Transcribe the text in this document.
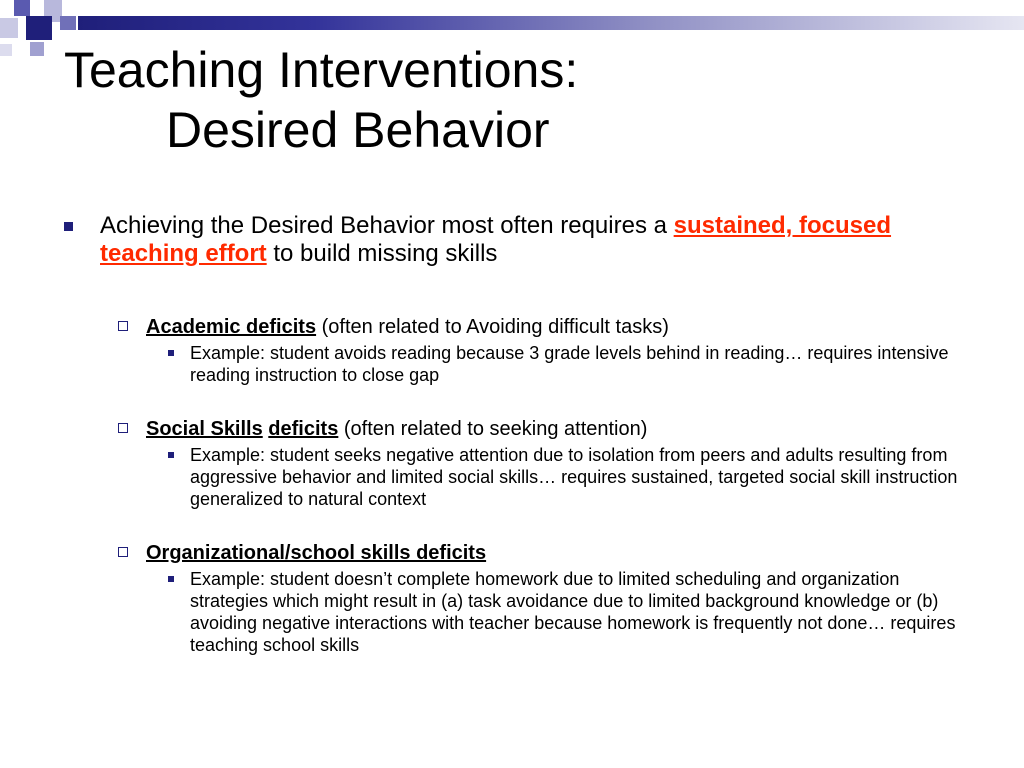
Teaching Interventions:
Desired Behavior
Achieving the Desired Behavior most often requires a sustained, focused teaching effort to build missing skills
Academic deficits (often related to Avoiding difficult tasks)
Example: student avoids reading because 3 grade levels behind in reading… requires intensive reading instruction to close gap
Social Skills deficits (often related to seeking attention)
Example: student seeks negative attention due to isolation from peers and adults resulting from aggressive behavior and limited social skills… requires sustained, targeted social skill instruction generalized to natural context
Organizational/school skills deficits
Example: student doesn’t complete homework due to limited scheduling and organization strategies which might result in (a) task avoidance due to limited background knowledge or (b) avoiding negative interactions with teacher because homework is frequently not done… requires teaching school skills
